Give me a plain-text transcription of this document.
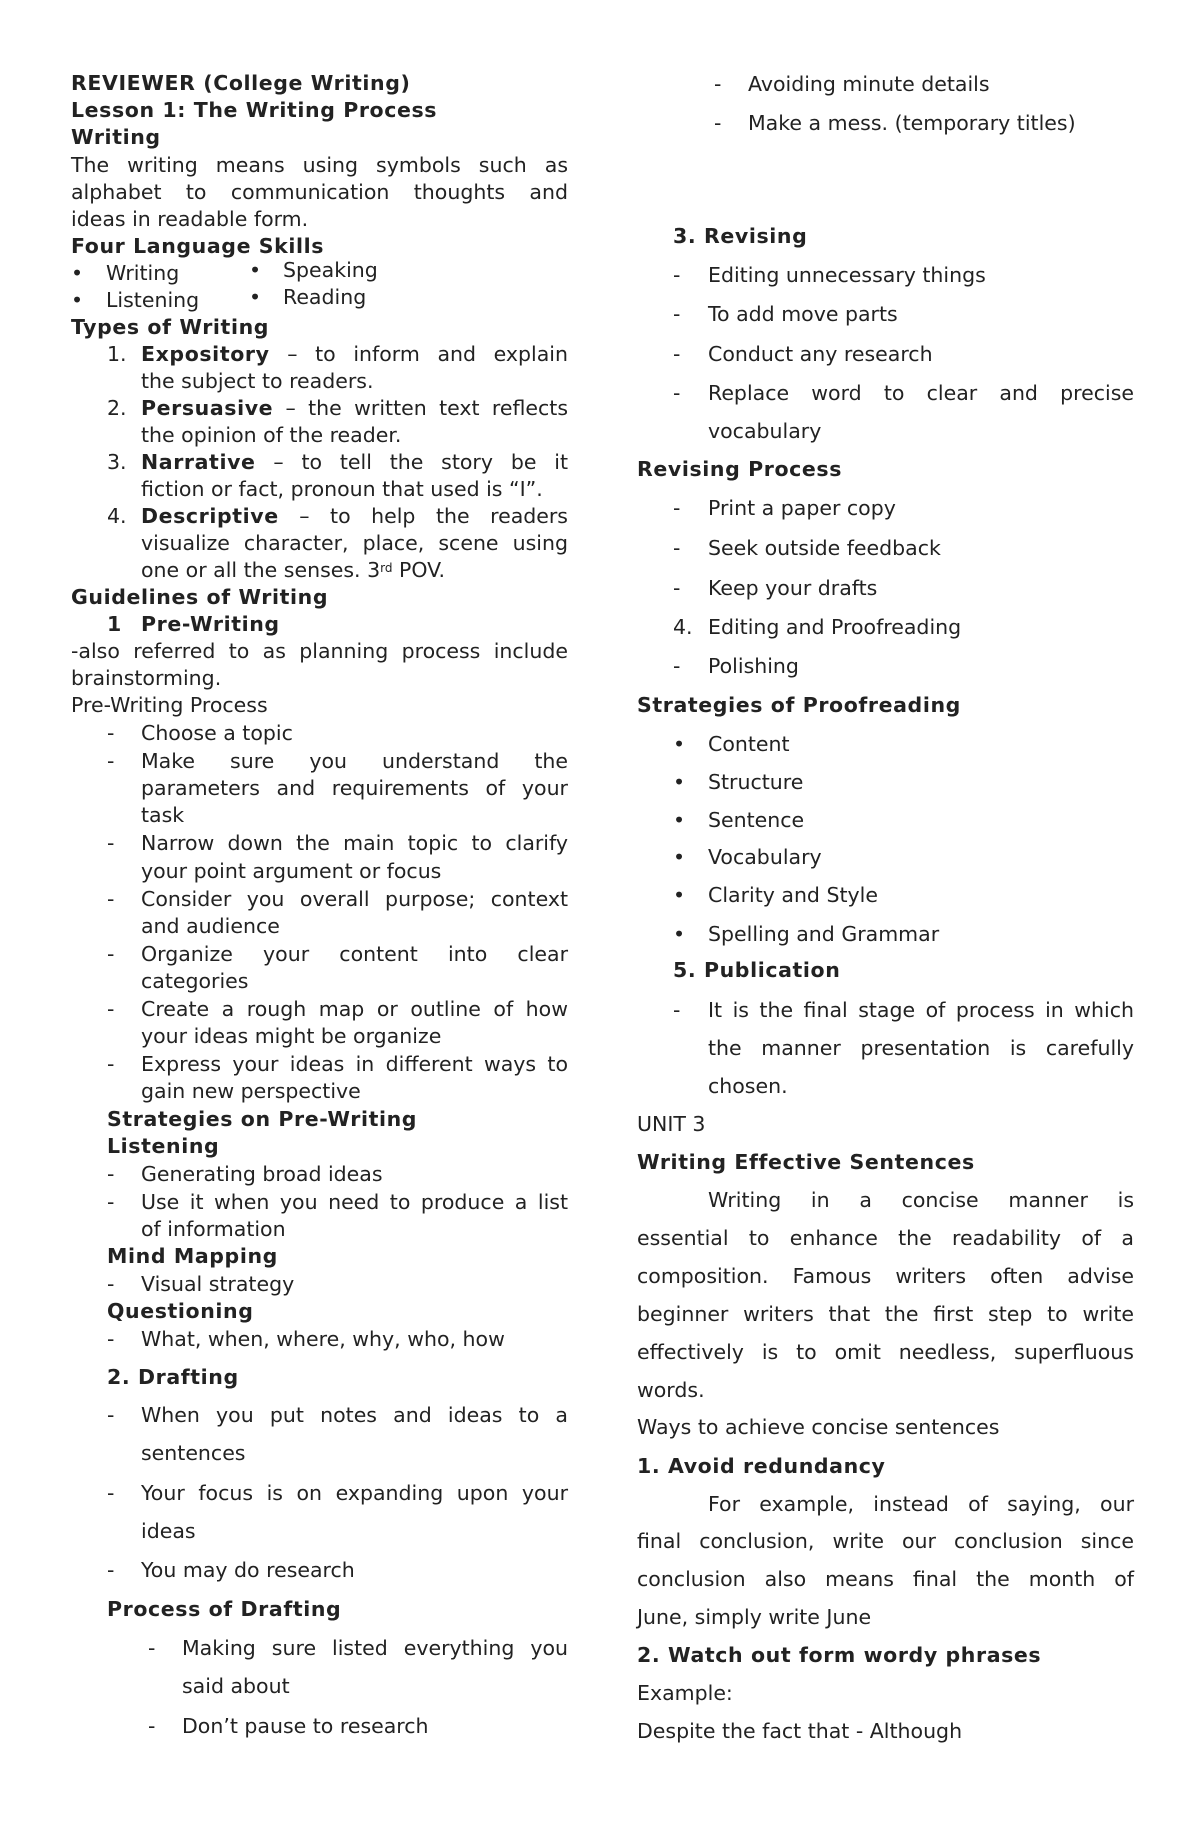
REVIEWER (College Writing)
Lesson 1: The Writing Process
Writing
The writing means using symbols such as
alphabet to communication thoughts and
ideas in readable form.
Four Language Skills
• Writing	• Speaking
• Listening • Reading
Types of Writing
1. Expository – to inform and explain
the subject to readers.
2. Persuasive – the written text reflects
the opinion of the reader.
3. Narrative – to tell the story be it
fiction or fact, pronoun that used is “I”.
4. Descriptive – to help the readers
visualize character, place, scene using
one or all the senses. 3rd POV.
Guidelines of Writing
1 Pre-Writing
-also referred to as planning process include
brainstorming.
Pre-Writing Process
- Choose a topic
- Make sure you understand the
parameters and requirements of your
task
- Narrow down the main topic to clarify
your point argument or focus
- Consider you overall purpose; context
and audience
- Organize your content into clear
categories
- Create a rough map or outline of how
your ideas might be organize
- Express your ideas in different ways to
gain new perspective
Strategies on Pre-Writing
Listening
- Generating broad ideas
- Use it when you need to produce a list
of information
Mind Mapping
- Visual strategy
Questioning
- What, when, where, why, who, how
2. Drafting
- When you put notes and ideas to a
sentences
- Your focus is on expanding upon your
ideas
- You may do research
Process of Drafting
- Making sure listed everything you
said about
- Don’t pause to research
- Avoiding minute details
- Make a mess. (temporary titles)
3. Revising
- Editing unnecessary things
- To add move parts
- Conduct any research
- Replace word to clear and precise
vocabulary
Revising Process
- Print a paper copy
- Seek outside feedback
- Keep your drafts
4. Editing and Proofreading
- Polishing
Strategies of Proofreading
• Content
• Structure
• Sentence
• Vocabulary
• Clarity and Style
• Spelling and Grammar
5. Publication
- It is the final stage of process in which
the manner presentation is carefully
chosen.
UNIT 3
Writing Effective Sentences
Writing in a concise manner is
essential to enhance the readability of a
composition. Famous writers often advise
beginner writers that the first step to write
effectively is to omit needless, superfluous
words.
Ways to achieve concise sentences
1. Avoid redundancy
For example, instead of saying, our
final conclusion, write our conclusion since
conclusion also means final the month of
June, simply write June
2. Watch out form wordy phrases
Example:
Despite the fact that - Although
